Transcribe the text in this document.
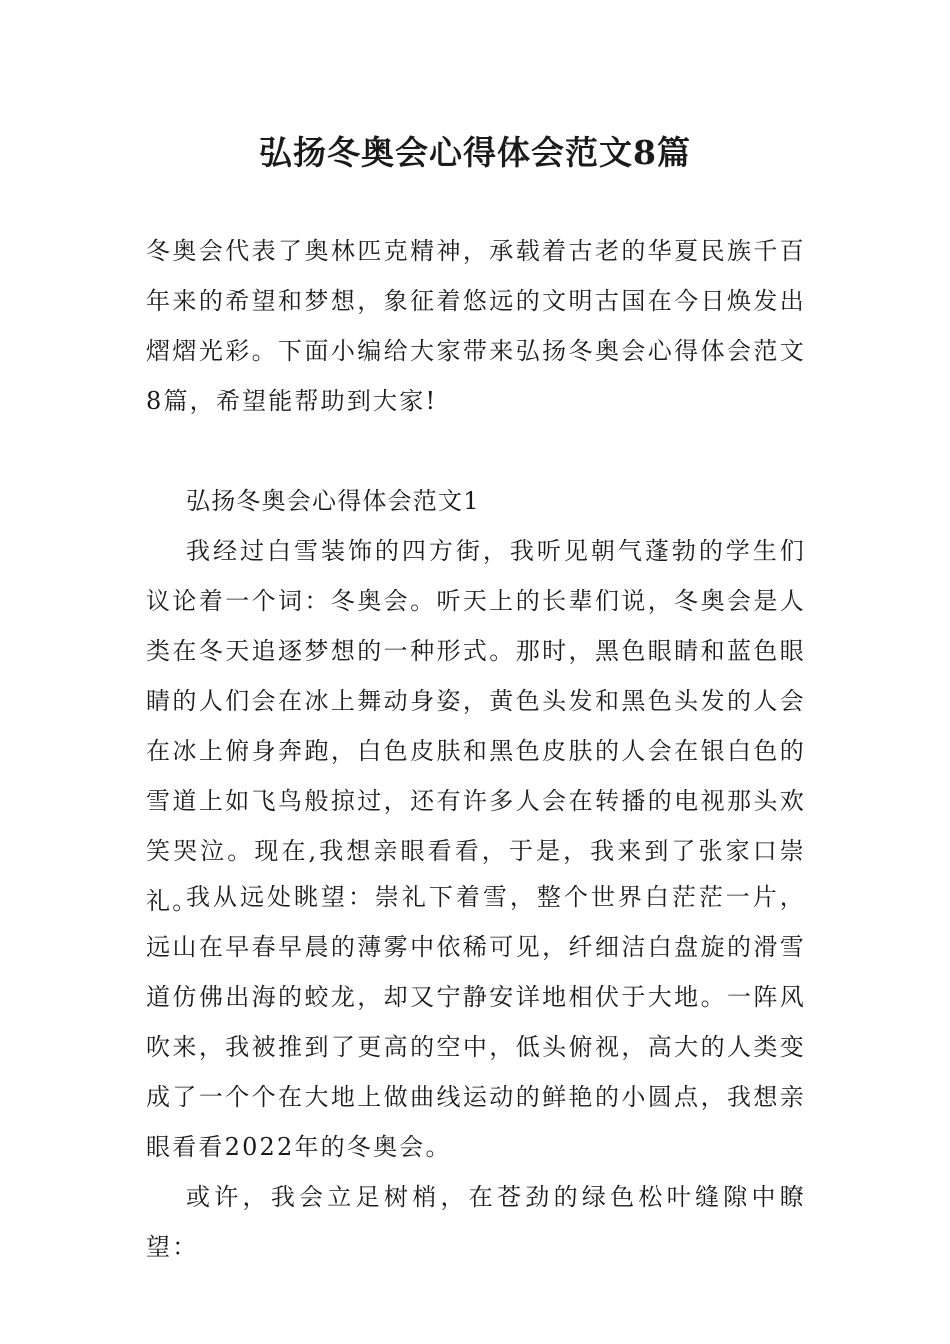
弘扬冬奥会心得体会范文8篇
冬奥会代表了奥林匹克精神，承载着古老的华夏民族千百年来的希望和梦想，象征着悠远的文明古国在今日焕发出熠熠光彩。下面小编给大家带来弘扬冬奥会心得体会范文8篇，希望能帮助到大家!
弘扬冬奥会心得体会范文1
我经过白雪装饰的四方街，我听见朝气蓬勃的学生们议论着一个词：冬奥会。听天上的长辈们说，冬奥会是人类在冬天追逐梦想的一种形式。那时，黑色眼睛和蓝色眼睛的人们会在冰上舞动身姿，黄色头发和黑色头发的人会在冰上俯身奔跑，白色皮肤和黑色皮肤的人会在银白色的雪道上如飞鸟般掠过，还有许多人会在转播的电视那头欢笑哭泣。现在,我想亲眼看看，于是，我来到了张家口崇礼。
我从远处眺望：崇礼下着雪，整个世界白茫茫一片，远山在早春早晨的薄雾中依稀可见，纤细洁白盘旋的滑雪道仿佛出海的蛟龙，却又宁静安详地相伏于大地。一阵风吹来，我被推到了更高的空中，低头俯视，高大的人类变成了一个个在大地上做曲线运动的鲜艳的小圆点，我想亲眼看看2022年的冬奥会。
或许，我会立足树梢，在苍劲的绿色松叶缝隙中瞭望：
